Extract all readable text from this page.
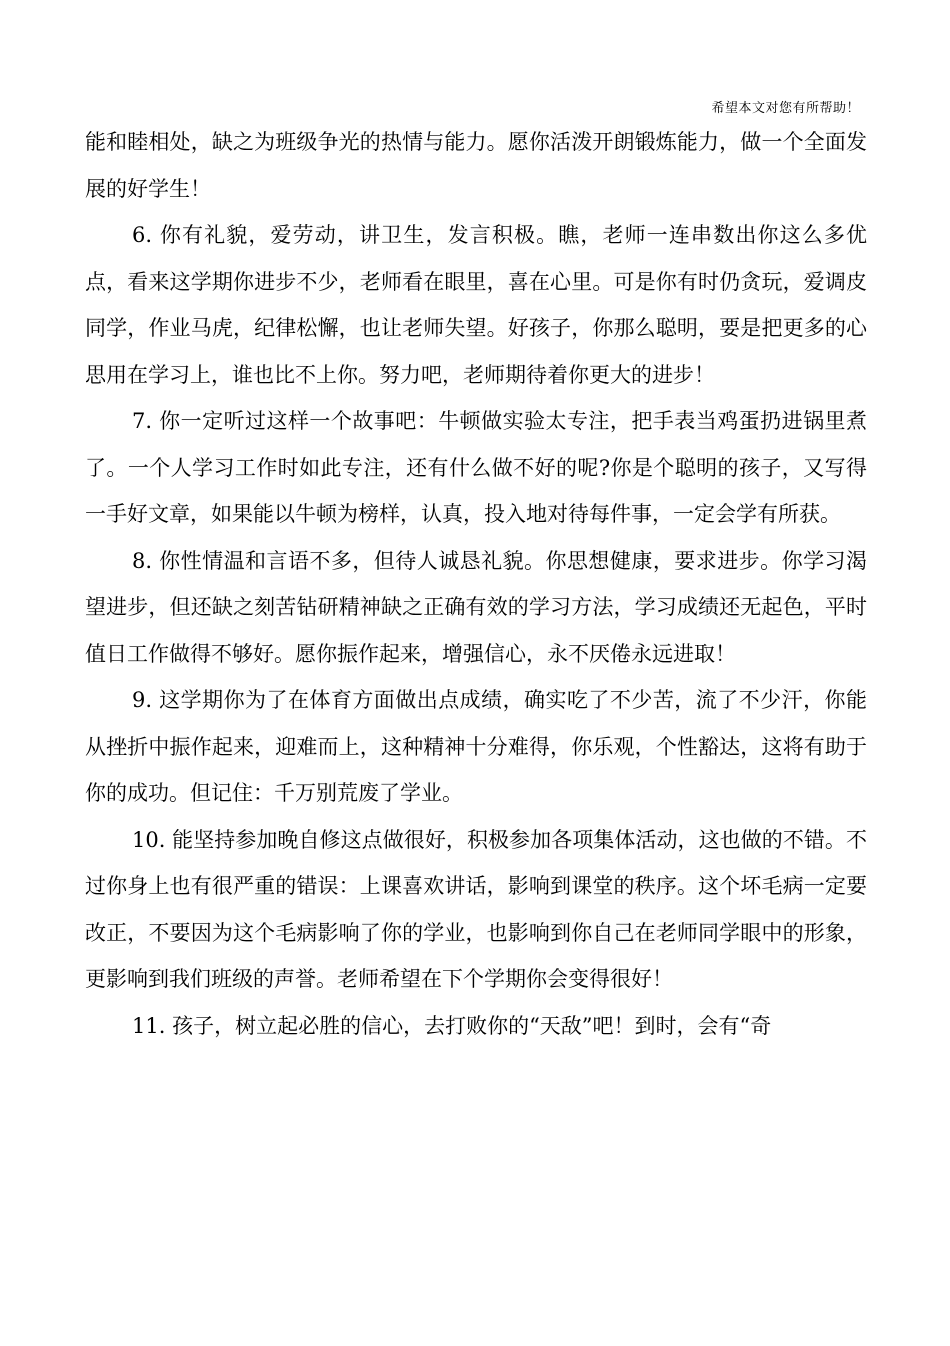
希望本文对您有所帮助！

能和睦相处，缺之为班级争光的热情与能力。愿你活泼开朗锻炼能力，做一个全面发展的好学生！

6. 你有礼貌，爱劳动，讲卫生，发言积极。瞧，老师一连串数出你这么多优点，看来这学期你进步不少，老师看在眼里，喜在心里。可是你有时仍贪玩，爱调皮同学，作业马虎，纪律松懈，也让老师失望。好孩子，你那么聪明，要是把更多的心思用在学习上，谁也比不上你。努力吧，老师期待着你更大的进步！

7. 你一定听过这样一个故事吧：牛顿做实验太专注，把手表当鸡蛋扔进锅里煮了。一个人学习工作时如此专注，还有什么做不好的呢?你是个聪明的孩子，又写得一手好文章，如果能以牛顿为榜样，认真，投入地对待每件事，一定会学有所获。

8. 你性情温和言语不多，但待人诚恳礼貌。你思想健康，要求进步。你学习渴望进步，但还缺之刻苦钻研精神缺之正确有效的学习方法，学习成绩还无起色，平时值日工作做得不够好。愿你振作起来，增强信心，永不厌倦永远进取！

9. 这学期你为了在体育方面做出点成绩，确实吃了不少苦，流了不少汗，你能从挫折中振作起来，迎难而上，这种精神十分难得，你乐观，个性豁达，这将有助于你的成功。但记住：千万别荒废了学业。

10. 能坚持参加晚自修这点做很好，积极参加各项集体活动，这也做的不错。不过你身上也有很严重的错误：上课喜欢讲话，影响到课堂的秩序。这个坏毛病一定要改正，不要因为这个毛病影响了你的学业，也影响到你自己在老师同学眼中的形象，更影响到我们班级的声誉。老师希望在下个学期你会变得很好！

11. 孩子，树立起必胜的信心，去打败你的“天敌”吧！到时，会有“奇
